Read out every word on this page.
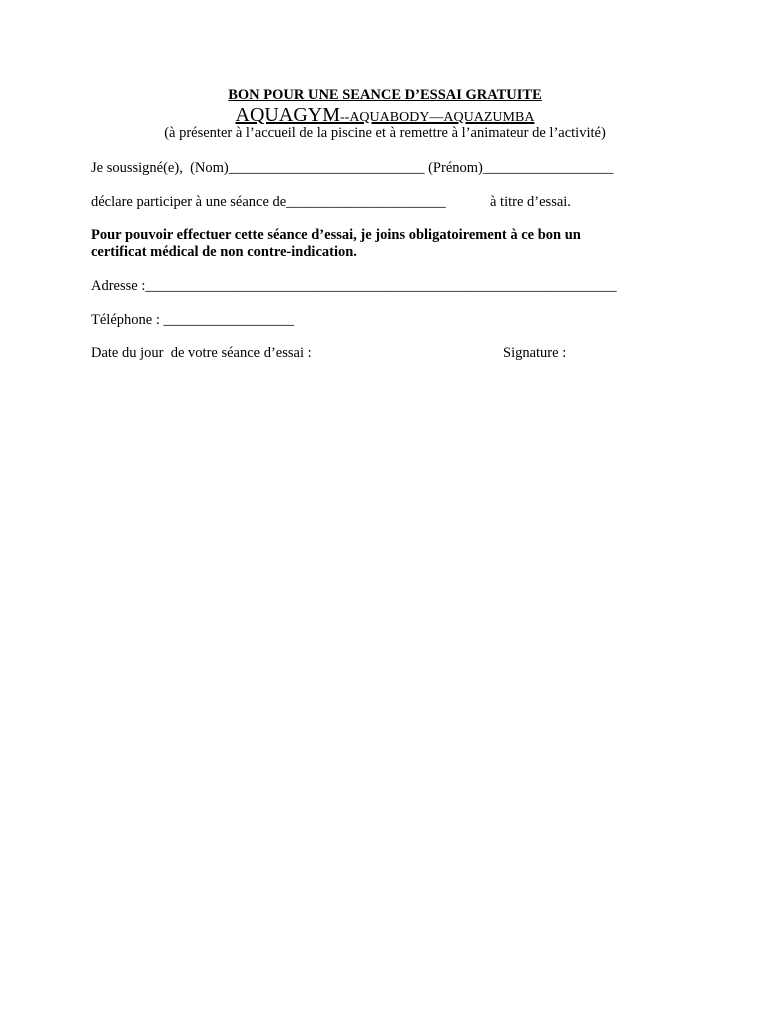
BON POUR UNE SEANCE D’ESSAI GRATUITE
AQUAGYM--AQUABODY—AQUAZUMBA
(à présenter à l’accueil de la piscine et à remettre à l’animateur de l’activité)
Je soussigné(e),  (Nom)___________________________ (Prénom)__________________
déclare participer à une séance de______________________	à titre d’essai.
Pour pouvoir effectuer cette séance d’essai, je joins obligatoirement à ce bon un
certificat médical de non contre-indication.
Adresse :_________________________________________________________________
Téléphone : __________________
Date du jour  de votre séance d’essai :	Signature :
